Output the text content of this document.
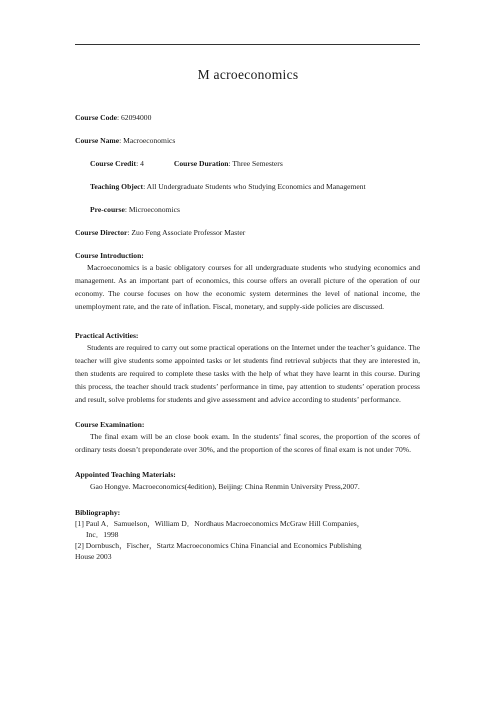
M acroeconomics
Course Code: 62094000
Course Name: Macroeconomics
Course Credit: 4	Course Duration: Three Semesters
Teaching Object: All Undergraduate Students who Studying Economics and Management
Pre-course: Microeconomics
Course Director: Zuo Feng Associate Professor Master
Course Introduction:
Macroeconomics is a basic obligatory courses for all undergraduate students who studying economics and management. As an important part of economics, this course offers an overall picture of the operation of our economy. The course focuses on how the economic system determines the level of national income, the unemployment rate, and the rate of inflation. Fiscal, monetary, and supply-side policies are discussed.
Practical Activities:
Students are required to carry out some practical operations on the Internet under the teacher’s guidance. The teacher will give students some appointed tasks or let students find retrieval subjects that they are interested in, then students are required to complete these tasks with the help of what they have learnt in this course. During this process, the teacher should track students’ performance in time, pay attention to students’ operation process and result, solve problems for students and give assessment and advice according to students’ performance.
Course Examination:
The final exam will be an close book exam. In the students’ final scores, the proportion of the scores of ordinary tests doesn’t preponderate over 30%, and the proportion of the scores of final exam is not under 70%.
Appointed Teaching Materials:
Gao Hongye. Macroeconomics(4edition), Beijing: China Renmin University Press,2007.
Bibliography:
[1] Paul A．Samuelson，William D．Nordhaus Macroeconomics McGraw Hill Companies，
Inc．1998
[2] Dornbusch，Fischer，Startz Macroeconomics China Financial and Economics Publishing
House 2003
